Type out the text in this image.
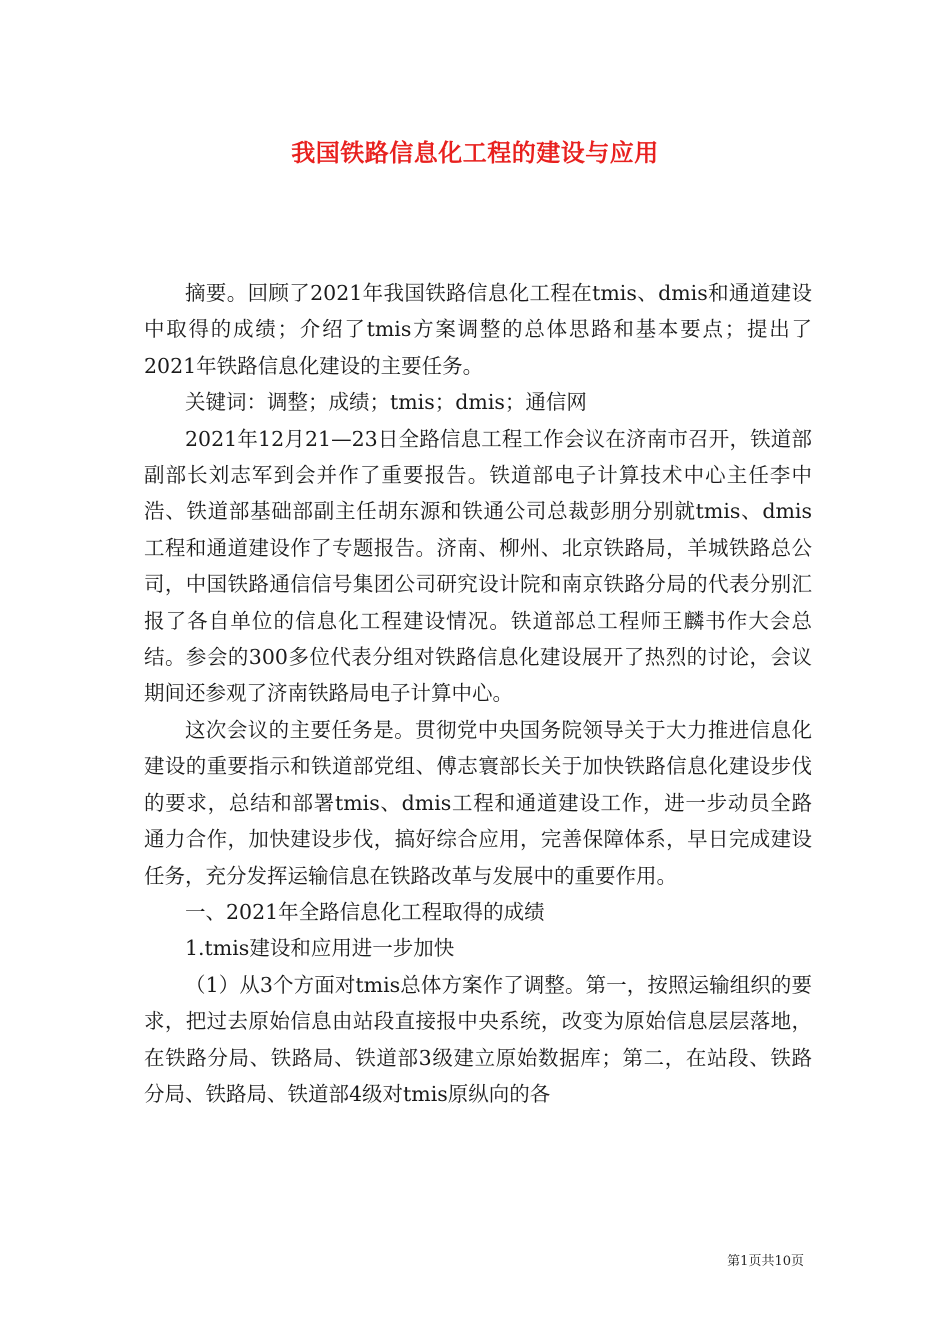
我国铁路信息化工程的建设与应用

摘要。回顾了2021年我国铁路信息化工程在tmis、dmis和通道建设中取得的成绩；介绍了tmis方案调整的总体思路和基本要点；提出了2021年铁路信息化建设的主要任务。

关键词：调整；成绩；tmis；dmis；通信网

2021年12月21—23日全路信息工程工作会议在济南市召开，铁道部副部长刘志军到会并作了重要报告。铁道部电子计算技术中心主任李中浩、铁道部基础部副主任胡东源和铁通公司总裁彭朋分别就tmis、dmis工程和通道建设作了专题报告。济南、柳州、北京铁路局，羊城铁路总公司，中国铁路通信信号集团公司研究设计院和南京铁路分局的代表分别汇报了各自单位的信息化工程建设情况。铁道部总工程师王麟书作大会总结。参会的300多位代表分组对铁路信息化建设展开了热烈的讨论，会议期间还参观了济南铁路局电子计算中心。

这次会议的主要任务是。贯彻党中央国务院领导关于大力推进信息化建设的重要指示和铁道部党组、傅志寰部长关于加快铁路信息化建设步伐的要求，总结和部署tmis、dmis工程和通道建设工作，进一步动员全路通力合作，加快建设步伐，搞好综合应用，完善保障体系，早日完成建设任务，充分发挥运输信息在铁路改革与发展中的重要作用。

一、2021年全路信息化工程取得的成绩

1.tmis建设和应用进一步加快

（1）从3个方面对tmis总体方案作了调整。第一，按照运输组织的要求，把过去原始信息由站段直接报中央系统，改变为原始信息层层落地，在铁路分局、铁路局、铁道部3级建立原始数据库；第二，在站段、铁路分局、铁路局、铁道部4级对tmis原纵向的各

第1页共10页
